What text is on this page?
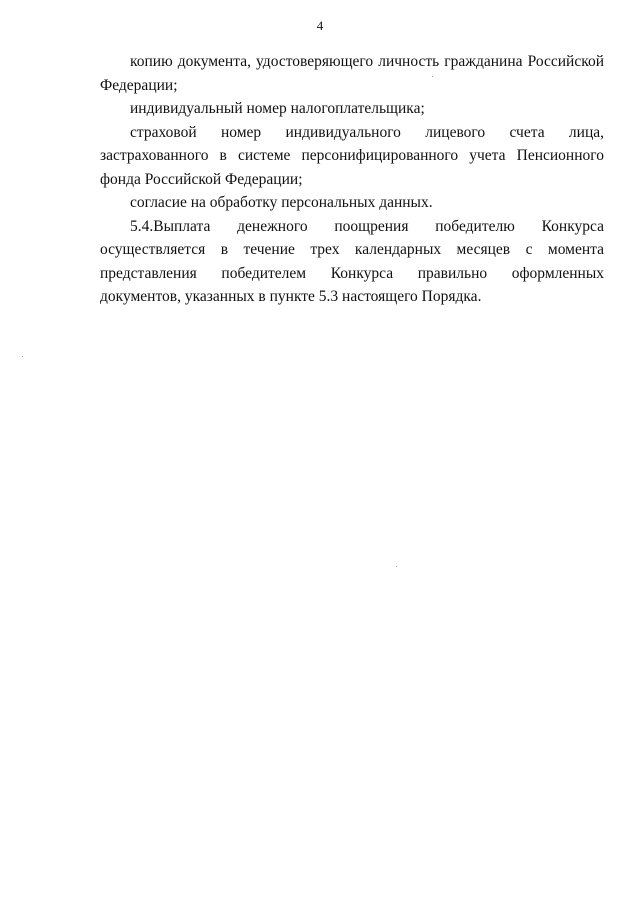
4

копию документа, удостоверяющего личность гражданина Российской Федерации;

индивидуальный номер налогоплательщика;

страховой номер индивидуального лицевого счета лица, застрахованного в системе персонифицированного учета Пенсионного фонда Российской Федерации;

согласие на обработку персональных данных.

5.4.Выплата денежного поощрения победителю Конкурса осуществляется в течение трех календарных месяцев с момента представления победителем Конкурса правильно оформленных документов, указанных в пункте 5.3 настоящего Порядка.
